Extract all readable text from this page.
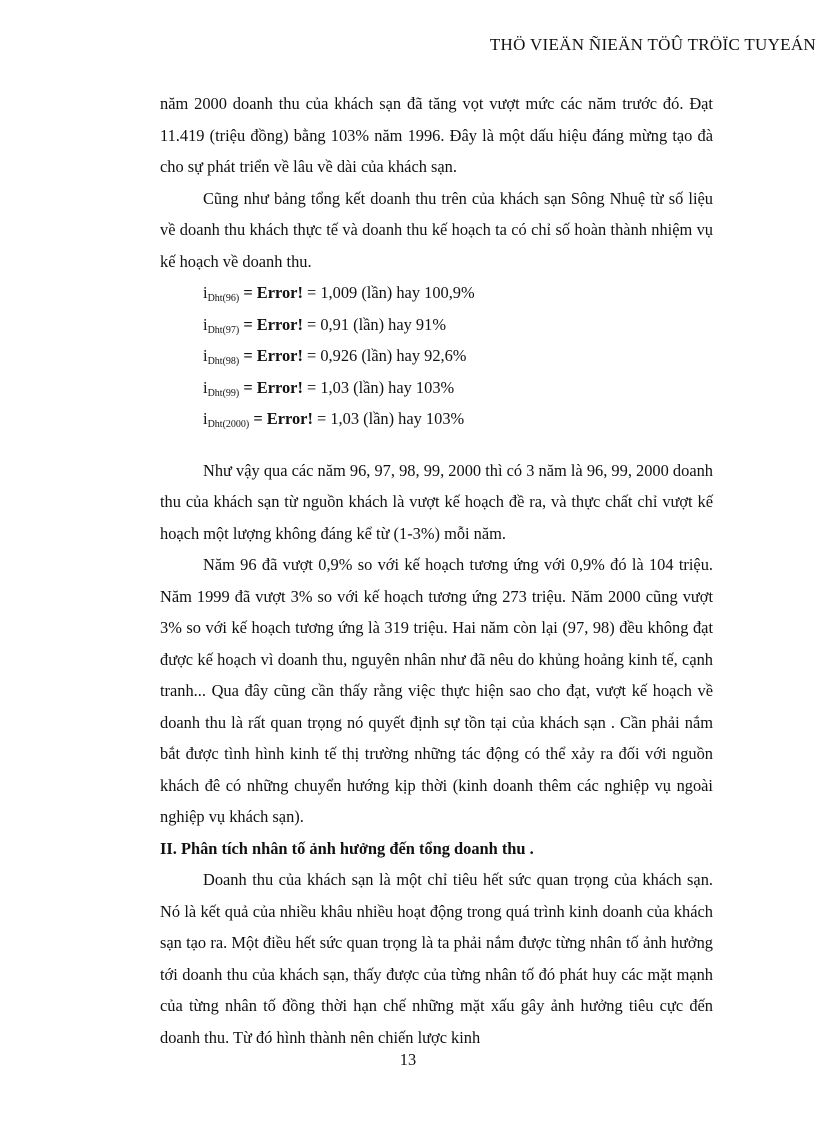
THÖ VIEÄN ÑIEÄN TÖÛ TRÖÏC TUYEÁN

năm 2000 doanh thu của khách sạn đã tăng vọt vượt mức các năm trước đó. Đạt 11.419 (triệu đồng) bằng 103% năm 1996. Đây là một dấu hiệu đáng mừng tạo đà cho sự phát triển về lâu về dài của khách sạn.

Cũng như bảng tổng kết doanh thu trên của khách sạn Sông Nhuệ từ số liệu về doanh thu khách thực tế và doanh thu kế hoạch ta có chỉ số hoàn thành nhiệm vụ kế hoạch về doanh thu.

$i_{Dht(96)}$ = Error! = 1,009 (lần) hay 100,9%

$i_{Dht(97)}$ = Error! = 0,91 (lần) hay 91%

$i_{Dht(98)}$ = Error! = 0,926 (lần) hay 92,6%

$i_{Dht(99)}$ = Error! = 1,03 (lần) hay 103%

$i_{Dht(2000)}$ = Error! = 1,03 (lần) hay 103%

Như vậy qua các năm 96, 97, 98, 99, 2000 thì có 3 năm là 96, 99, 2000 doanh thu của khách sạn từ nguồn khách là vượt kế hoạch đề ra, và thực chất chỉ vượt kế hoạch một lượng không đáng kể từ (1-3%) mỗi năm.

Năm 96 đã vượt 0,9% so với kế hoạch tương ứng với 0,9% đó là 104 triệu. Năm 1999 đã vượt 3% so với kế hoạch tương ứng 273 triệu. Năm 2000 cũng vượt 3% so với kế hoạch tương ứng là 319 triệu. Hai năm còn lại (97, 98) đều không đạt được kế hoạch vì doanh thu, nguyên nhân như đã nêu do khủng hoảng kinh tế, cạnh tranh... Qua đây cũng cần thấy rằng việc thực hiện sao cho đạt, vượt kế hoạch về doanh thu là rất quan trọng nó quyết định sự tồn tại của khách sạn . Cần phải nắm bắt được tình hình kinh tế thị trường những tác động có thể xảy ra đối với nguồn khách đê có những chuyển hướng kịp thời (kinh doanh thêm các nghiệp vụ ngoài nghiệp vụ khách sạn).

II. Phân tích nhân tố ảnh hưởng đến tổng doanh thu .

Doanh thu của khách sạn là một chỉ tiêu hết sức quan trọng của khách sạn. Nó là kết quả của nhiều khâu nhiều hoạt động trong quá trình kinh doanh của khách sạn tạo ra. Một điều hết sức quan trọng là ta phải nắm được từng nhân tố ảnh hưởng tới doanh thu của khách sạn, thấy được của từng nhân tố đó phát huy các mặt mạnh của từng nhân tố đồng thời hạn chế những mặt xấu gây ảnh hưởng tiêu cực đến doanh thu. Từ đó hình thành nên chiến lược kinh

13
